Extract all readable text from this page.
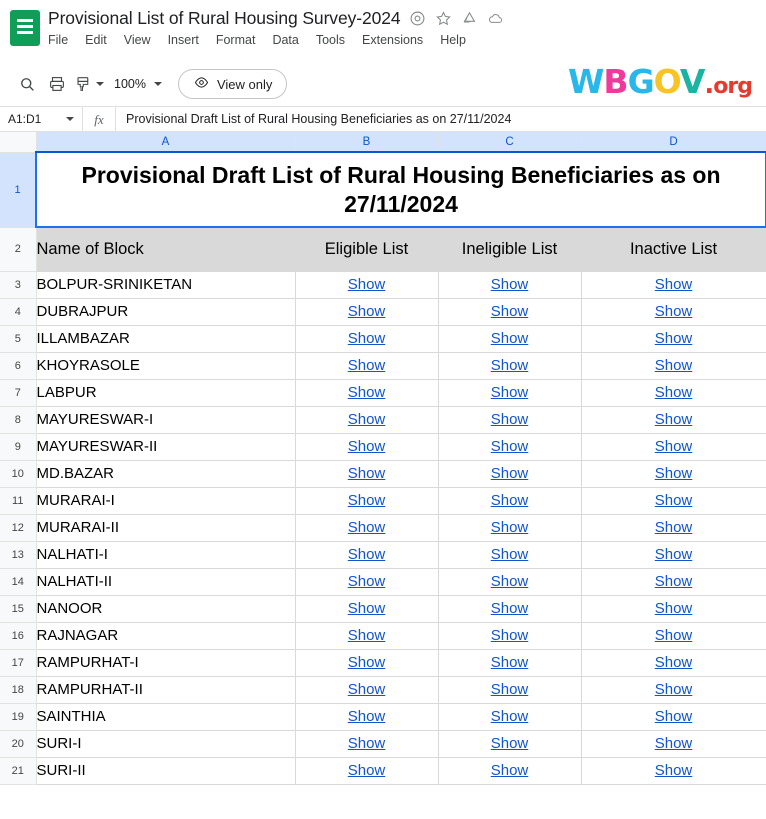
Provisional List of Rural Housing Survey-2024
File Edit View Insert Format Data Tools Extensions Help
100%	View only	WBGOV.org
A1:D1	fx	Provisional Draft List of Rural Housing Beneficiaries as on 27/11/2024
	A	B	C	D
1	Provisional Draft List of Rural Housing Beneficiaries as on 27/11/2024			
2	Name of Block	Eligible List	Ineligible List	Inactive List
3	BOLPUR-SRINIKETAN	Show	Show	Show
4	DUBRAJPUR	Show	Show	Show
5	ILLAMBAZAR	Show	Show	Show
6	KHOYRASOLE	Show	Show	Show
7	LABPUR	Show	Show	Show
8	MAYURESWAR-I	Show	Show	Show
9	MAYURESWAR-II	Show	Show	Show
10	MD.BAZAR	Show	Show	Show
11	MURARAI-I	Show	Show	Show
12	MURARAI-II	Show	Show	Show
13	NALHATI-I	Show	Show	Show
14	NALHATI-II	Show	Show	Show
15	NANOOR	Show	Show	Show
16	RAJNAGAR	Show	Show	Show
17	RAMPURHAT-I	Show	Show	Show
18	RAMPURHAT-II	Show	Show	Show
19	SAINTHIA	Show	Show	Show
20	SURI-I	Show	Show	Show
21	SURI-II	Show	Show	Show
